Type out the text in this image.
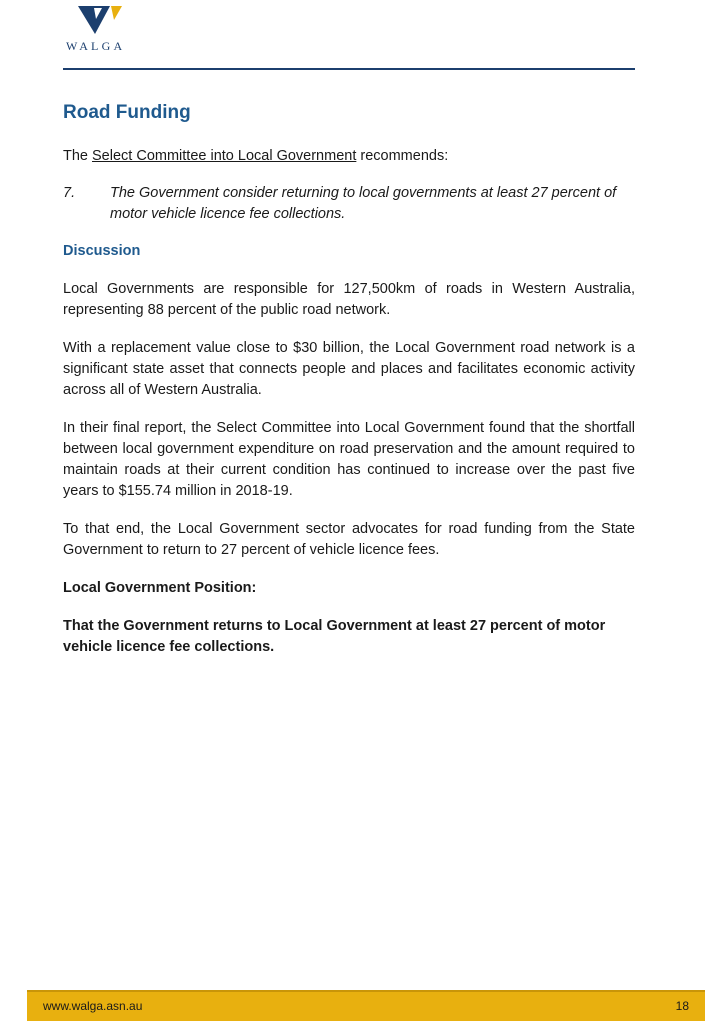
WALGA
Road Funding

The Select Committee into Local Government recommends:

7.	The Government consider returning to local governments at least 27 percent of motor vehicle licence fee collections.
Discussion

Local Governments are responsible for 127,500km of roads in Western Australia, representing 88 percent of the public road network.

With a replacement value close to $30 billion, the Local Government road network is a significant state asset that connects people and places and facilitates economic activity across all of Western Australia.

In their final report, the Select Committee into Local Government found that the shortfall between local government expenditure on road preservation and the amount required to maintain roads at their current condition has continued to increase over the past five years to $155.74 million in 2018-19.

To that end, the Local Government sector advocates for road funding from the State Government to return to 27 percent of vehicle licence fees.

Local Government Position:

That the Government returns to Local Government at least 27 percent of motor vehicle licence fee collections.

www.walga.asn.au	18
